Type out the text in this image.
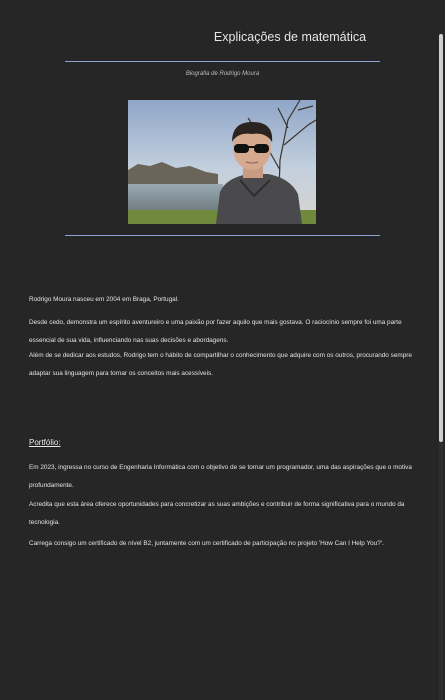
Explicações de matemática
Biografia de Rodrigo Moura

Rodrigo Moura nasceu em 2004 em Braga, Portugal.

Desde cedo, demonstra um espírito aventureiro e uma paixão por fazer aquilo que mais gostava. O raciocínio sempre foi uma parte essencial de sua vida, influenciando nas suas decisões e abordagens.

Além de se dedicar aos estudos, Rodrigo tem o hábito de compartilhar o conhecimento que adquire com os outros, procurando sempre adaptar sua linguagem para tornar os conceitos mais acessíveis.

Portfólio:

Em 2023, ingressa no curso de Engenharia Informática com o objetivo de se tornar um programador, uma das aspirações que o motiva profundamente.

Acredita que esta área oferece oportunidades para concretizar as suas ambições e contribuir de forma significativa para o mundo da tecnologia.

Carrega consigo um certificado de nível B2, juntamente com um certificado de participação no projeto 'How Can I Help You?'.
